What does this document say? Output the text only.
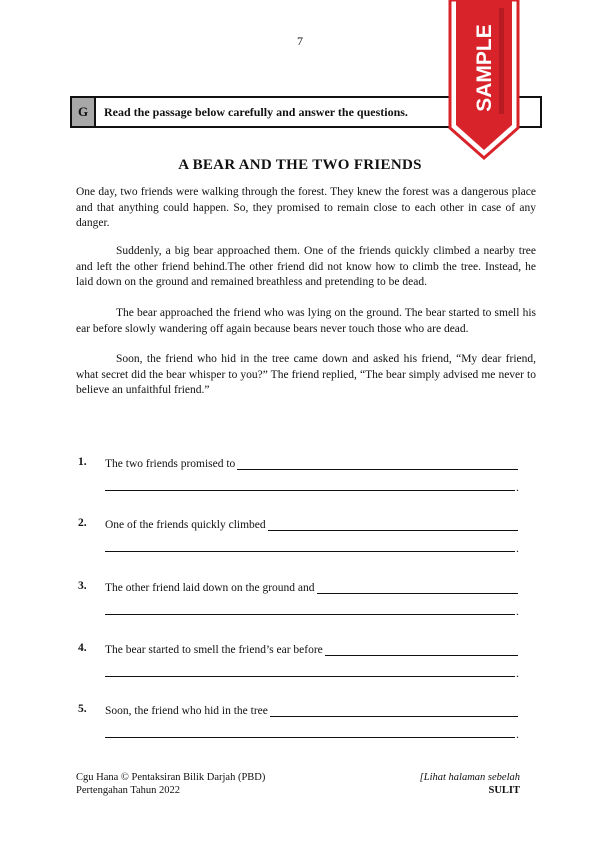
7
G	Read the passage below carefully and answer the questions.	SAMPLE
A BEAR AND THE TWO FRIENDS

One day, two friends were walking through the forest. They knew the forest was a dangerous place and that anything could happen. So, they promised to remain close to each other in case of any danger.

Suddenly, a big bear approached them. One of the friends quickly climbed a nearby tree and left the other friend behind.The other friend did not know how to climb the tree. Instead, he laid down on the ground and remained breathless and pretending to be dead.

The bear approached the friend who was lying on the ground. The bear started to smell his ear before slowly wandering off again because bears never touch those who are dead.

Soon, the friend who hid in the tree came down and asked his friend, “My dear friend, what secret did the bear whisper to you?” The friend replied, “The bear simply advised me never to believe an unfaithful friend.”

1. The two friends promised to
.
2. One of the friends quickly climbed
.
3. The other friend laid down on the ground and
.
4. The bear started to smell the friend’s ear before
.
5. Soon, the friend who hid in the tree
.
Cgu Hana © Pentaksiran Bilik Darjah (PBD)
Pertengahan Tahun 2022
[Lihat halaman sebelah
SULIT
